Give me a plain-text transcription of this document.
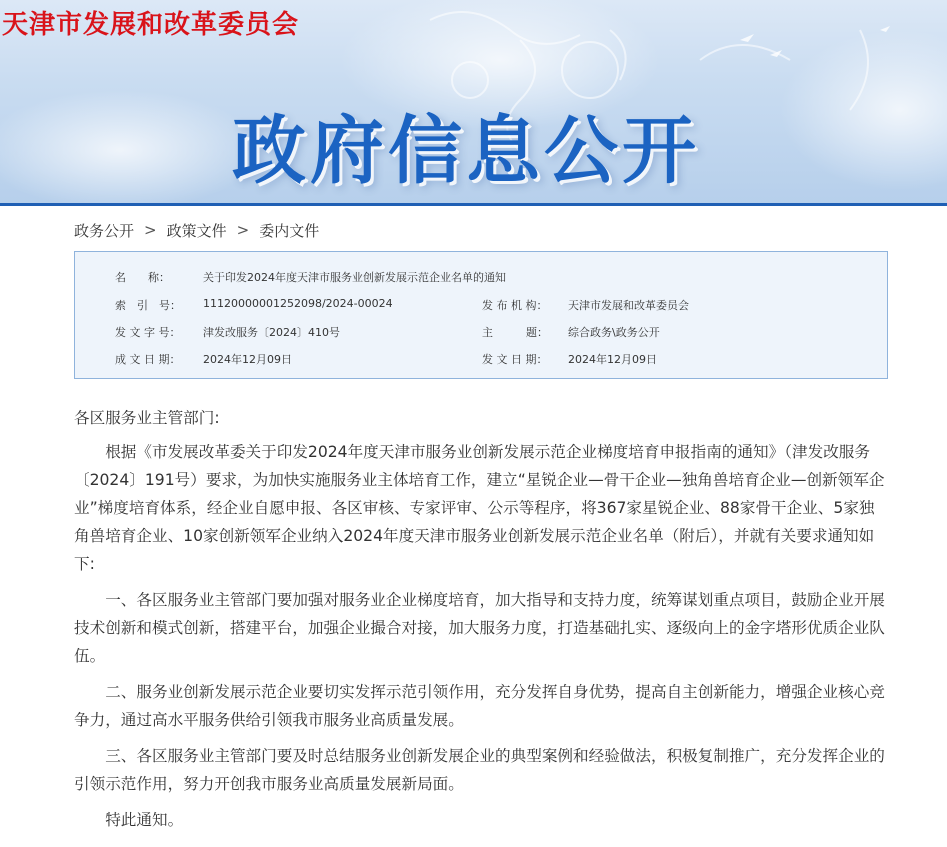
天津市发展和改革委员会
政府信息公开
政务公开 > 政策文件 > 委内文件
名　　称：	关于印发2024年度天津市服务业创新发展示范企业名单的通知
索　引　号：	11120000001252098/2024-00024	发 布 机 构：	天津市发展和改革委员会
发 文 字 号：	津发改服务〔2024〕410号	主　　　题：	综合政务\政务公开
成 文 日 期：	2024年12月09日	发 文 日 期：	2024年12月09日

各区服务业主管部门:

根据《市发展改革委关于印发2024年度天津市服务业创新发展示范企业梯度培育申报指南的通知》（津发改服务〔2024〕191号）要求，为加快实施服务业主体培育工作，建立“星锐企业—骨干企业—独角兽培育企业—创新领军企业”梯度培育体系，经企业自愿申报、各区审核、专家评审、公示等程序，将367家星锐企业、88家骨干企业、5家独角兽培育企业、10家创新领军企业纳入2024年度天津市服务业创新发展示范企业名单（附后），并就有关要求通知如下:

一、各区服务业主管部门要加强对服务业企业梯度培育，加大指导和支持力度，统筹谋划重点项目，鼓励企业开展技术创新和模式创新，搭建平台，加强企业撮合对接，加大服务力度，打造基础扎实、逐级向上的金字塔形优质企业队伍。

二、服务业创新发展示范企业要切实发挥示范引领作用，充分发挥自身优势，提高自主创新能力，增强企业核心竞争力，通过高水平服务供给引领我市服务业高质量发展。

三、各区服务业主管部门要及时总结服务业创新发展企业的典型案例和经验做法，积极复制推广，充分发挥企业的引领示范作用，努力开创我市服务业高质量发展新局面。

特此通知。
